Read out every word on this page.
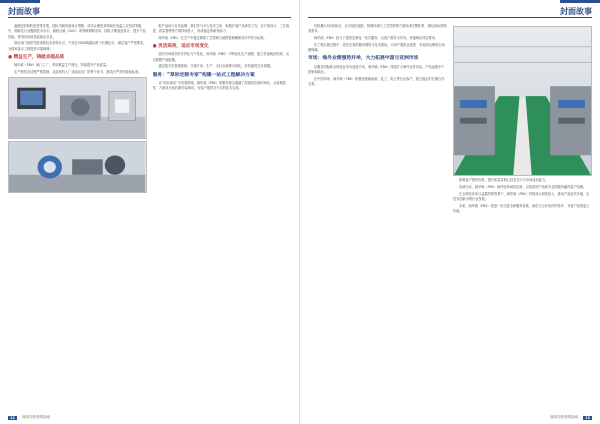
封面故事

温硬密封和软密封等类型，团队突破传统设计思路，成功让硬密封球阀在低温工况密封等级中，刷新及行业极限技术水平。凝固点阀（GGC）系列阿姆斯应用，团队不断改进设计，提升产品性能，使得其单座性能稳定优良。

高压阀门同样凭借成熟技术获得认可，产品在5000吨级标准下长期运行，满足客户严格要求，为国家重点工程提供可靠保障。

● 精益生产，铸就卓越品质

阀华威（FBV）阀门工厂，采用精益生产理念，持续提升产品质量。

生产制造全过程严格控制，从原材料入厂到成品出厂的每个环节，都执行严苛的检验标准。

配产品设计自有品牌，我们作为平台技术主体，积极开展产品研发工作，在方案设计、工艺改进、质量管理等方面持续投入，形成稳定的研发能力。

阀华威（FBV）在生产中通过精细工艺控制与流程管理确保各环节符合标准。

● 灵活高效，适应市场变化

面对市场需求的多样化与个性化，阀华威（FBV）不断优化生产流程，建立快速响应机制，灵活调整产能配置。

通过数字化管理系统，实现订单、生产、交付全流程可视化，有效缩短交付周期。

服务：“草标定制专家”构建一站式工程解决方案

以“项目驱动”为发展思路，阀华威（FBV）的服务理念超越了传统供应商的角色，从前期选型、方案设计到后期安装调试，为客户提供全方位的技术支持。

12	流体控制采购指南
封面故事

任积累3.5年经验后，在可视化装配、管理环境与工艺控制等方面形成完整体系，满足高标准制造需求。

阀华威（FBV）致力于提供定制化一站式服务，以客户需求为导向，快速响应项目要求。

在工程实施过程中，依托完善的服务网络与技术团队，为用户提供从选型、安装到运维的全周期保障。

市场：海外业绩强势并举，大力拓展中国与亚洲市场

以服务国际和全球化业务为前进方向，阀华威（FBV）持续扩大海外业务布局，产品远销多个国家和地区。

在中国市场，阀华威（FBV）积极拓展新能源、化工、电力等行业客户，建立稳定的长期合作关系。

影响客户提供优势，提升质量及核心技术实力与市场适应能力。

忠诚为本，阀华威（FBV）始终坚持诚信经营，以优质的产品和专业的服务赢得客户信赖。

在全球化竞争日益激烈的背景下，阀华威（FBV）持续加大研发投入，推动产品迭代升级，以技术创新引领行业发展。

未来，阀华威（FBV）将进一步完善全球服务体系，深化与合作伙伴的协作，为客户创造更大价值。

流体控制采购指南	13
